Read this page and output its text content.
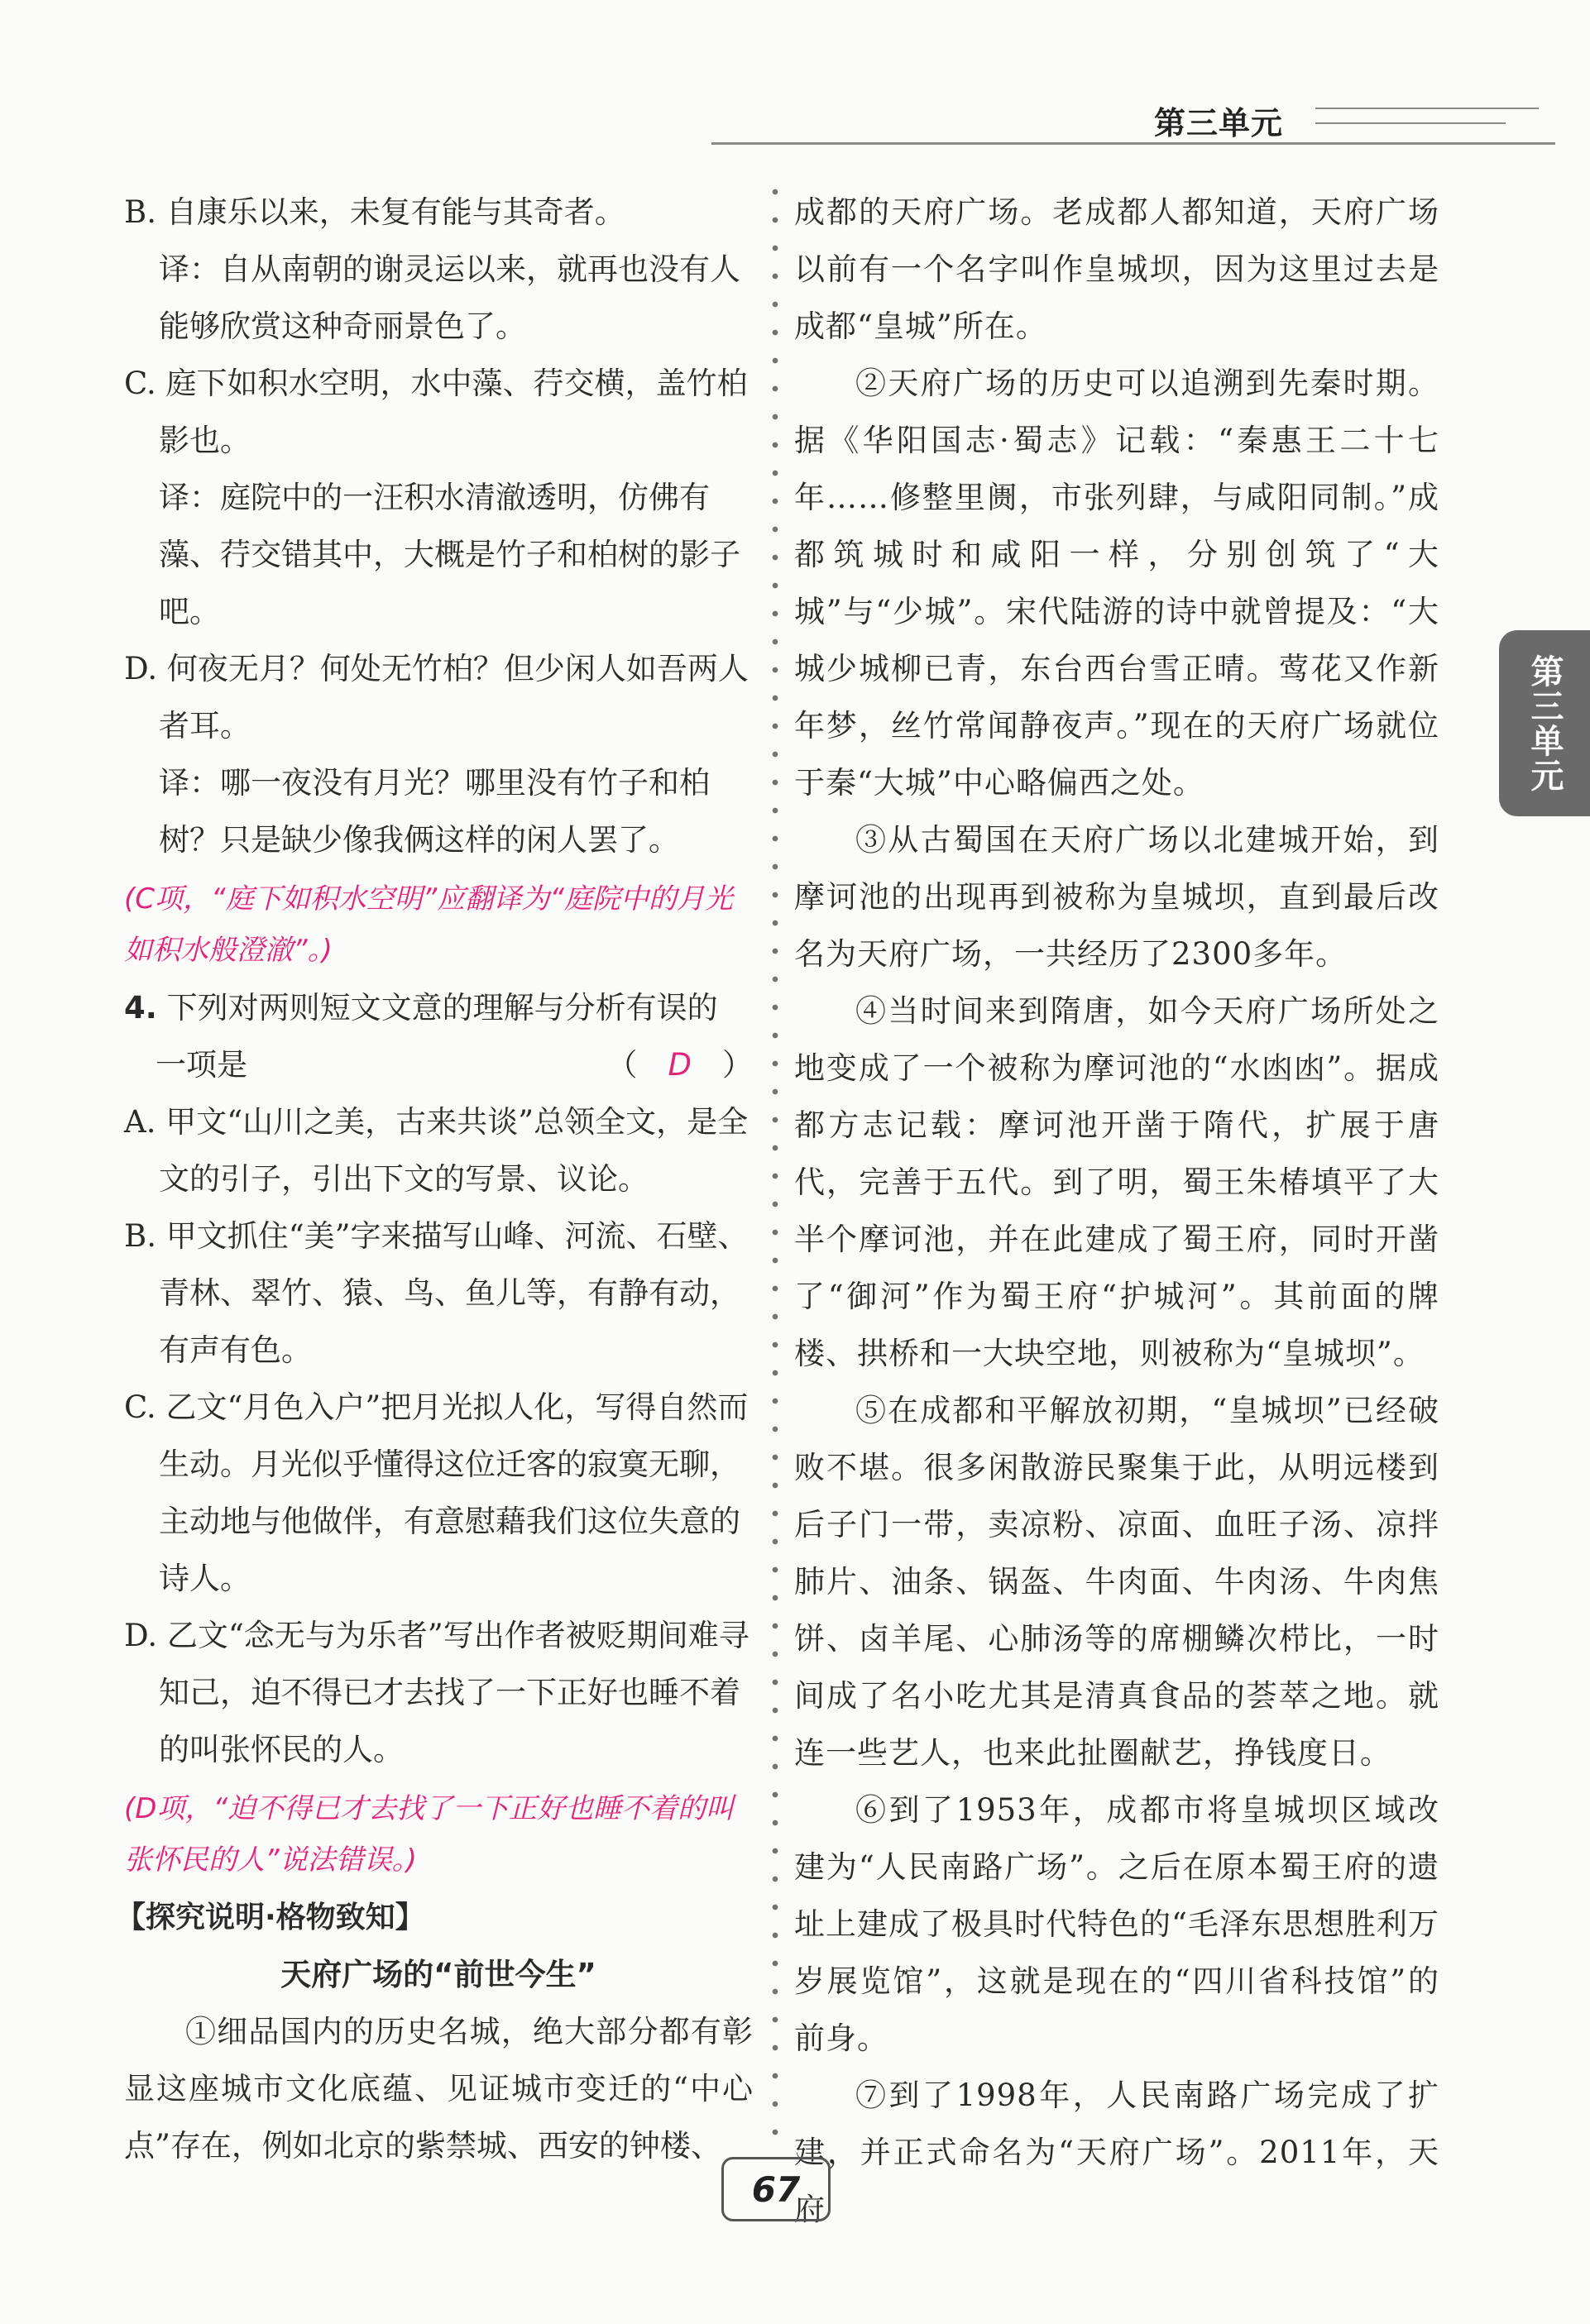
第三单元
第三单元
B. 自康乐以来，未复有能与其奇者。
译：自从南朝的谢灵运以来，就再也没有人能够欣赏这种奇丽景色了。
C. 庭下如积水空明，水中藻、荇交横，盖竹柏影也。
译：庭院中的一汪积水清澈透明，仿佛有藻、荇交错其中，大概是竹子和柏树的影子吧。
D. 何夜无月？何处无竹柏？但少闲人如吾两人者耳。
译：哪一夜没有月光？哪里没有竹子和柏树？只是缺少像我俩这样的闲人罢了。
(C项，“庭下如积水空明”应翻译为“庭院中的月光如积水般澄澈”。)
4. 下列对两则短文文意的理解与分析有误的
一项是	（  D  ）
A. 甲文“山川之美，古来共谈”总领全文，是全文的引子，引出下文的写景、议论。
B. 甲文抓住“美”字来描写山峰、河流、石壁、青林、翠竹、猿、鸟、鱼儿等，有静有动，有声有色。
C. 乙文“月色入户”把月光拟人化，写得自然而生动。月光似乎懂得这位迁客的寂寞无聊，主动地与他做伴，有意慰藉我们这位失意的诗人。
D. 乙文“念无与为乐者”写出作者被贬期间难寻知己，迫不得已才去找了一下正好也睡不着的叫张怀民的人。
(D项，“迫不得已才去找了一下正好也睡不着的叫张怀民的人”说法错误。)
【探究说明·格物致知】
天府广场的“前世今生”
①细品国内的历史名城，绝大部分都有彰显这座城市文化底蕴、见证城市变迁的“中心点”存在，例如北京的紫禁城、西安的钟楼、
成都的天府广场。老成都人都知道，天府广场以前有一个名字叫作皇城坝，因为这里过去是成都“皇城”所在。
②天府广场的历史可以追溯到先秦时期。据《华阳国志·蜀志》记载：“秦惠王二十七年……修整里阓，市张列肆，与咸阳同制。”成都筑城时和咸阳一样，分别创筑了“大城”与“少城”。宋代陆游的诗中就曾提及：“大城少城柳已青，东台西台雪正晴。莺花又作新年梦，丝竹常闻静夜声。”现在的天府广场就位于秦“大城”中心略偏西之处。
③从古蜀国在天府广场以北建城开始，到摩诃池的出现再到被称为皇城坝，直到最后改名为天府广场，一共经历了2300多年。
④当时间来到隋唐，如今天府广场所处之地变成了一个被称为摩诃池的“水凼凼”。据成都方志记载：摩诃池开凿于隋代，扩展于唐代，完善于五代。到了明，蜀王朱椿填平了大半个摩诃池，并在此建成了蜀王府，同时开凿了“御河”作为蜀王府“护城河”。其前面的牌楼、拱桥和一大块空地，则被称为“皇城坝”。
⑤在成都和平解放初期，“皇城坝”已经破败不堪。很多闲散游民聚集于此，从明远楼到后子门一带，卖凉粉、凉面、血旺子汤、凉拌肺片、油条、锅盔、牛肉面、牛肉汤、牛肉焦饼、卤羊尾、心肺汤等的席棚鳞次栉比，一时间成了名小吃尤其是清真食品的荟萃之地。就连一些艺人，也来此扯圈献艺，挣钱度日。
⑥到了1953年，成都市将皇城坝区域改建为“人民南路广场”。之后在原本蜀王府的遗址上建成了极具时代特色的“毛泽东思想胜利万岁展览馆”，这就是现在的“四川省科技馆”的前身。
⑦到了1998年，人民南路广场完成了扩建，并正式命名为“天府广场”。2011年，天府
67
